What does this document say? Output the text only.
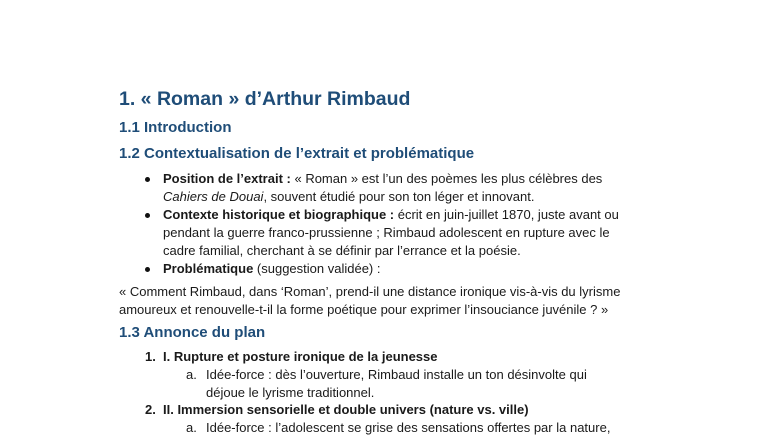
1. « Roman » d’Arthur Rimbaud
1.1 Introduction
1.2 Contextualisation de l’extrait et problématique
Position de l’extrait : « Roman » est l’un des poèmes les plus célèbres des
Cahiers de Douai, souvent étudié pour son ton léger et innovant.
Contexte historique et biographique : écrit en juin-juillet 1870, juste avant ou
pendant la guerre franco-prussienne ; Rimbaud adolescent en rupture avec le
cadre familial, cherchant à se définir par l’errance et la poésie.
Problématique (suggestion validée) :
« Comment Rimbaud, dans ‘Roman’, prend-il une distance ironique vis-à-vis du lyrisme
amoureux et renouvelle-t-il la forme poétique pour exprimer l’insouciance juvénile ? »
1.3 Annonce du plan
1. I. Rupture et posture ironique de la jeunesse
a. Idée-force : dès l’ouverture, Rimbaud installe un ton désinvolte qui
déjoue le lyrisme traditionnel.
2. II. Immersion sensorielle et double univers (nature vs. ville)
a. Idée-force : l’adolescent se grise des sensations offertes par la nature,
